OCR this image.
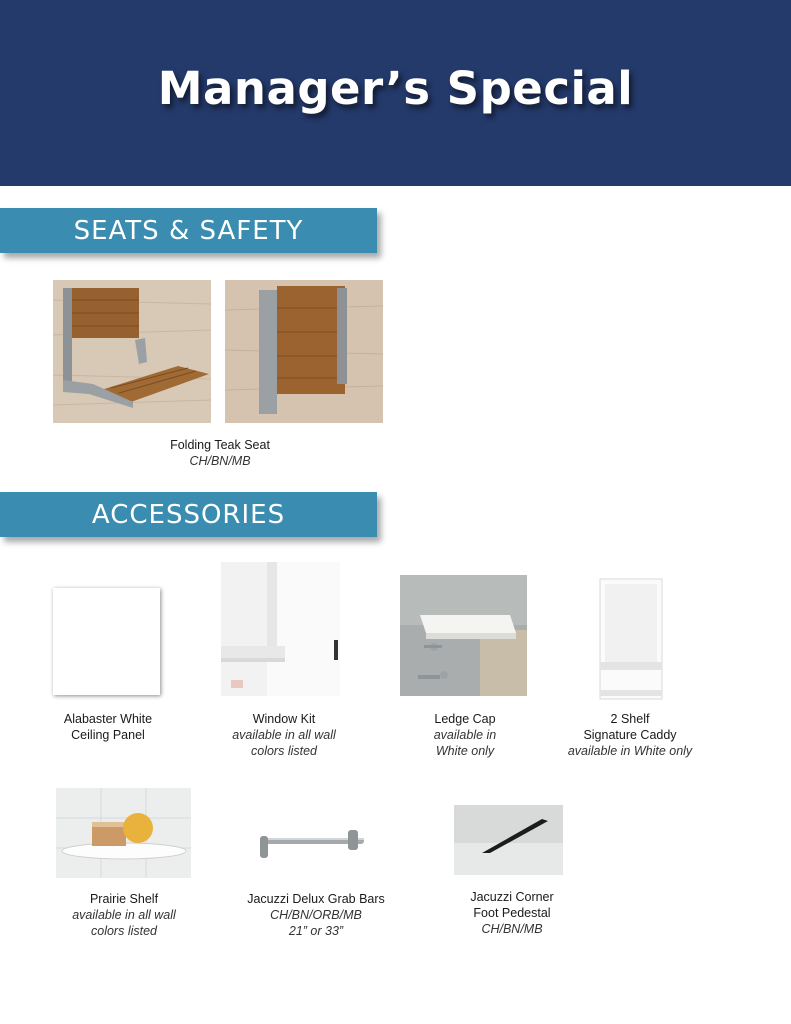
Manager’s Special
SEATS & SAFETY
Folding Teak Seat
CH/BN/MB
ACCESSORIES
Alabaster White
Ceiling Panel
Window Kit
available in all wall
colors listed
Ledge Cap
available in
White only
2 Shelf
Signature Caddy
available in White only
Prairie Shelf
available in all wall
colors listed
Jacuzzi Delux Grab Bars
CH/BN/ORB/MB
21” or 33”
Jacuzzi Corner
Foot Pedestal
CH/BN/MB
